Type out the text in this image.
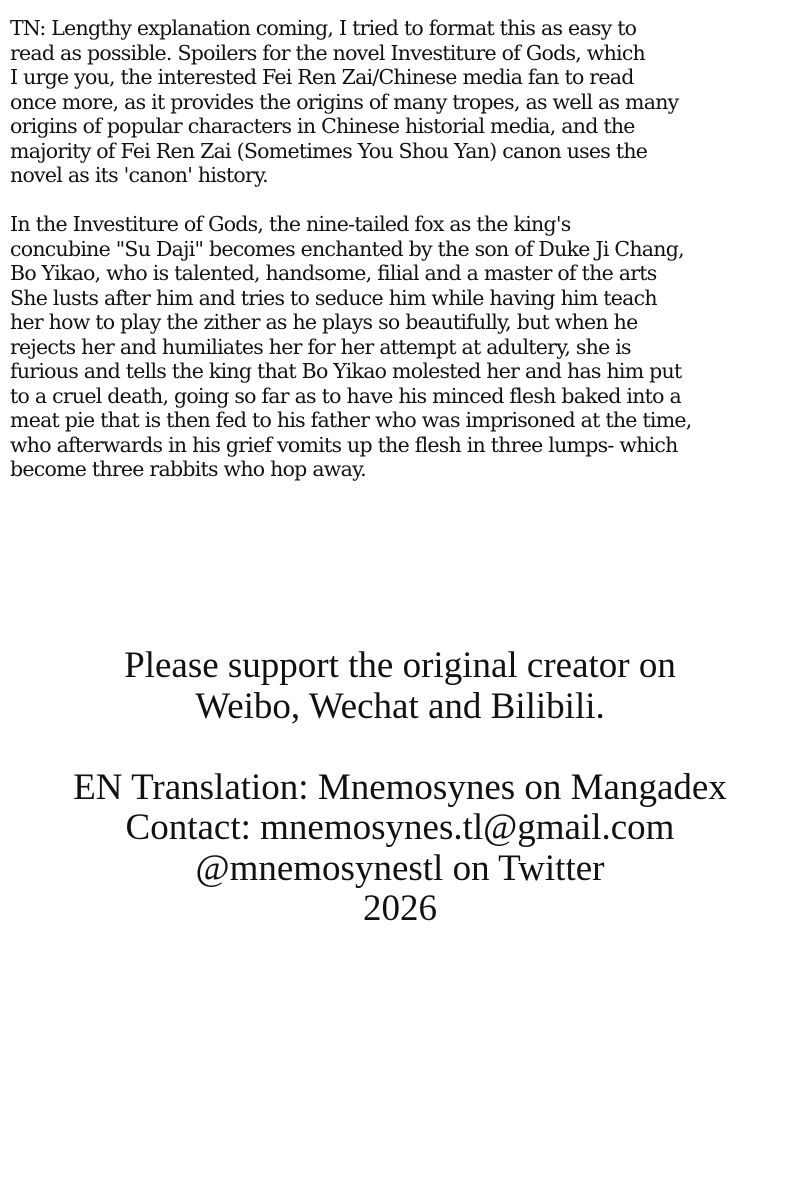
TN: Lengthy explanation coming, I tried to format this as easy to
read as possible. Spoilers for the novel Investiture of Gods, which
I urge you, the interested Fei Ren Zai/Chinese media fan to read
once more, as it provides the origins of many tropes, as well as many
origins of popular characters in Chinese historial media, and the
majority of Fei Ren Zai (Sometimes You Shou Yan) canon uses the
novel as its 'canon' history.

In the Investiture of Gods, the nine-tailed fox as the king's
concubine "Su Daji" becomes enchanted by the son of Duke Ji Chang,
Bo Yikao, who is talented, handsome, filial and a master of the arts
She lusts after him and tries to seduce him while having him teach
her how to play the zither as he plays so beautifully, but when he
rejects her and humiliates her for her attempt at adultery, she is
furious and tells the king that Bo Yikao molested her and has him put
to a cruel death, going so far as to have his minced flesh baked into a
meat pie that is then fed to his father who was imprisoned at the time,
who afterwards in his grief vomits up the flesh in three lumps- which
become three rabbits who hop away.

Please support the original creator on
Weibo, Wechat and Bilibili.
EN Translation: Mnemosynes on Mangadex
Contact: mnemosynes.tl@gmail.com
@mnemosynestl on Twitter
2026
